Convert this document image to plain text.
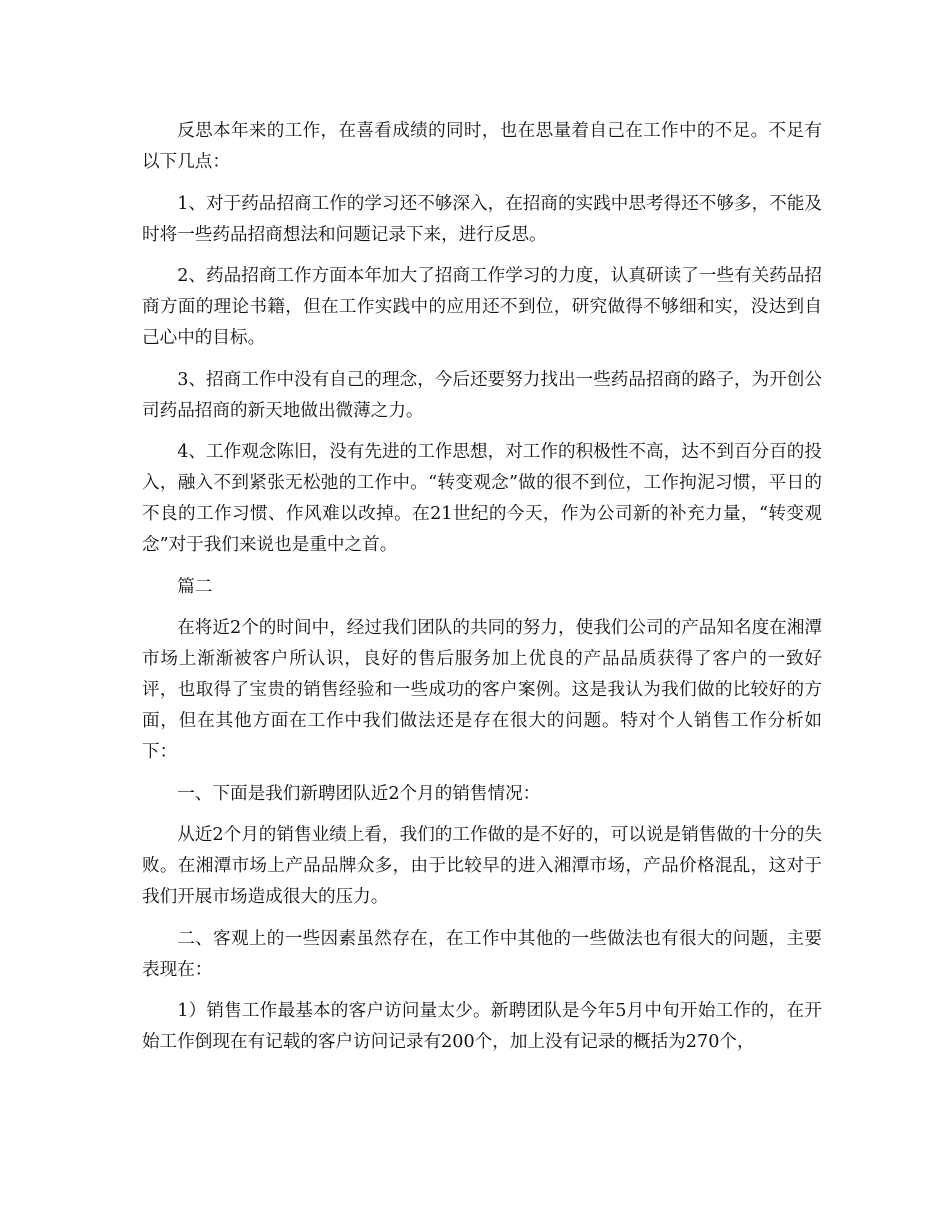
反思本年来的工作，在喜看成绩的同时，也在思量着自己在工作中的不足。不足有以下几点：

1、对于药品招商工作的学习还不够深入，在招商的实践中思考得还不够多，不能及时将一些药品招商想法和问题记录下来，进行反思。

2、药品招商工作方面本年加大了招商工作学习的力度，认真研读了一些有关药品招商方面的理论书籍，但在工作实践中的应用还不到位，研究做得不够细和实，没达到自己心中的目标。

3、招商工作中没有自己的理念，今后还要努力找出一些药品招商的路子，为开创公司药品招商的新天地做出微薄之力。

4、工作观念陈旧，没有先进的工作思想，对工作的积极性不高，达不到百分百的投入，融入不到紧张无松弛的工作中。“转变观念”做的很不到位，工作拘泥习惯，平日的不良的工作习惯、作风难以改掉。在21世纪的今天，作为公司新的补充力量，“转变观念”对于我们来说也是重中之首。

篇二

在将近2个的时间中，经过我们团队的共同的努力，使我们公司的产品知名度在湘潭市场上渐渐被客户所认识，良好的售后服务加上优良的产品品质获得了客户的一致好评，也取得了宝贵的销售经验和一些成功的客户案例。这是我认为我们做的比较好的方面，但在其他方面在工作中我们做法还是存在很大的问题。特对个人销售工作分析如下：

一、下面是我们新聘团队近2个月的销售情况：

从近2个月的销售业绩上看，我们的工作做的是不好的，可以说是销售做的十分的失败。在湘潭市场上产品品牌众多，由于比较早的进入湘潭市场，产品价格混乱，这对于我们开展市场造成很大的压力。

二、客观上的一些因素虽然存在，在工作中其他的一些做法也有很大的问题，主要表现在：

1）销售工作最基本的客户访问量太少。新聘团队是今年5月中旬开始工作的，在开始工作倒现在有记载的客户访问记录有200个，加上没有记录的概括为270个，
